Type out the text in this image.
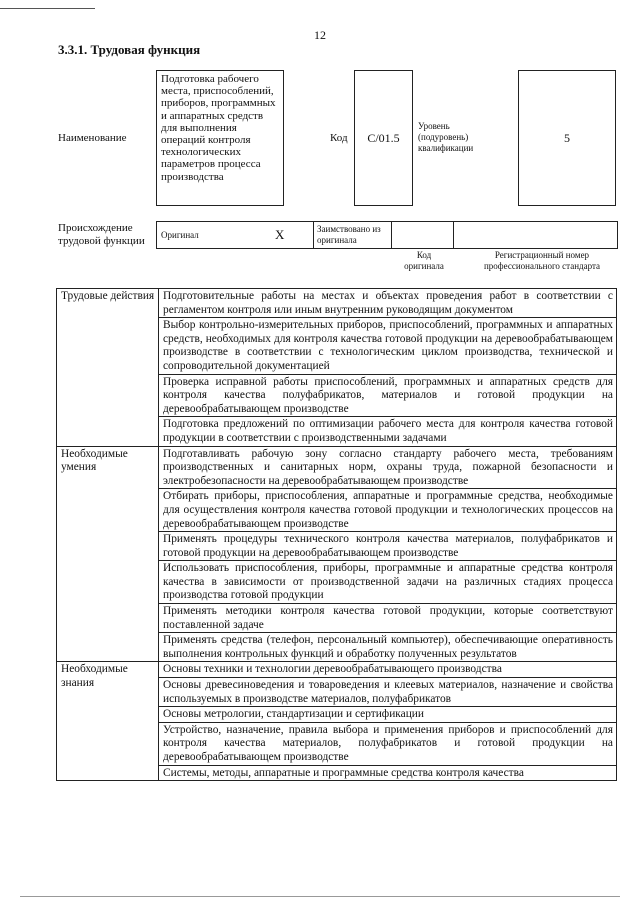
12
3.3.1. Трудовая функция
Наименование
Подготовка рабочего места, приспособлений, приборов, программных и аппаратных средств для выполнения операций контроля технологических параметров процесса производства
Код	C/01.5
Уровень (подуровень) квалификации
5
Происхождение трудовой функции	Оригинал	X	Заимствовано из оригинала
Код оригинала
Регистрационный номер профессионального стандарта
Трудовые действия	Подготовительные работы на местах и объектах проведения работ в соответствии с регламентом контроля или иным внутренним руководящим документом
	Выбор контрольно-измерительных приборов, приспособлений, программных и аппаратных средств, необходимых для контроля качества готовой продукции на деревообрабатывающем производстве в соответствии с технологическим циклом производства, технической и сопроводительной документацией
	Проверка исправной работы приспособлений, программных и аппаратных средств для контроля качества полуфабрикатов, материалов и готовой продукции на деревообрабатывающем производстве
	Подготовка предложений по оптимизации рабочего места для контроля качества готовой продукции в соответствии с производственными задачами
Необходимые умения	Подготавливать рабочую зону согласно стандарту рабочего места, требованиям производственных и санитарных норм, охраны труда, пожарной безопасности и электробезопасности на деревообрабатывающем производстве
	Отбирать приборы, приспособления, аппаратные и программные средства, необходимые для осуществления контроля качества готовой продукции и технологических процессов на деревообрабатывающем производстве
	Применять процедуры технического контроля качества материалов, полуфабрикатов и готовой продукции на деревообрабатывающем производстве
	Использовать приспособления, приборы, программные и аппаратные средства контроля качества в зависимости от производственной задачи на различных стадиях процесса производства готовой продукции
	Применять методики контроля качества готовой продукции, которые соответствуют поставленной задаче
	Применять средства (телефон, персональный компьютер), обеспечивающие оперативность выполнения контрольных функций и обработку полученных результатов
Необходимые знания	Основы техники и технологии деревообрабатывающего производства
	Основы древесиноведения и товароведения и клеевых материалов, назначение и свойства используемых в производстве материалов, полуфабрикатов
	Основы метрологии, стандартизации и сертификации
	Устройство, назначение, правила выбора и применения приборов и приспособлений для контроля качества материалов, полуфабрикатов и готовой продукции на деревообрабатывающем производстве
	Системы, методы, аппаратные и программные средства контроля качества
